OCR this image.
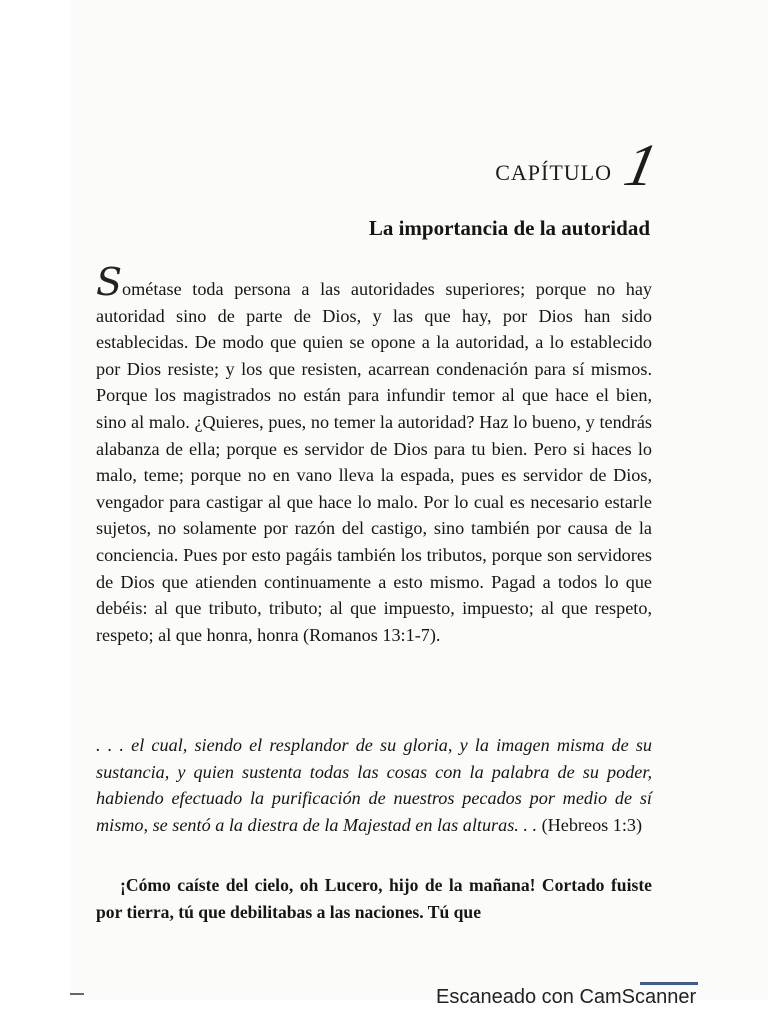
CAPÍTULO 1
La importancia de la autoridad

Sométase toda persona a las autoridades superiores; porque no hay autoridad sino de parte de Dios, y las que hay, por Dios han sido establecidas. De modo que quien se opone a la autoridad, a lo establecido por Dios resiste; y los que resisten, acarrean condenación para sí mismos. Porque los magistrados no están para infundir temor al que hace el bien, sino al malo. ¿Quieres, pues, no temer la autoridad? Haz lo bueno, y tendrás alabanza de ella; porque es servidor de Dios para tu bien. Pero si haces lo malo, teme; porque no en vano lleva la espada, pues es servidor de Dios, vengador para castigar al que hace lo malo. Por lo cual es necesario estarle sujetos, no solamente por razón del castigo, sino también por causa de la conciencia. Pues por esto pagáis también los tributos, porque son servidores de Dios que atienden continuamente a esto mismo. Pagad a todos lo que debéis: al que tributo, tributo; al que impuesto, impuesto; al que respeto, respeto; al que honra, honra (Romanos 13:1-7).

. . . el cual, siendo el resplandor de su gloria, y la imagen misma de su sustancia, y quien sustenta todas las cosas con la palabra de su poder, habiendo efectuado la purificación de nuestros pecados por medio de sí mismo, se sentó a la diestra de la Majestad en las alturas. . . (Hebreos 1:3)

¡Cómo caíste del cielo, oh Lucero, hijo de la mañana! Cortado fuiste por tierra, tú que debilitabas a las naciones. Tú que

Escaneado con CamScanner
